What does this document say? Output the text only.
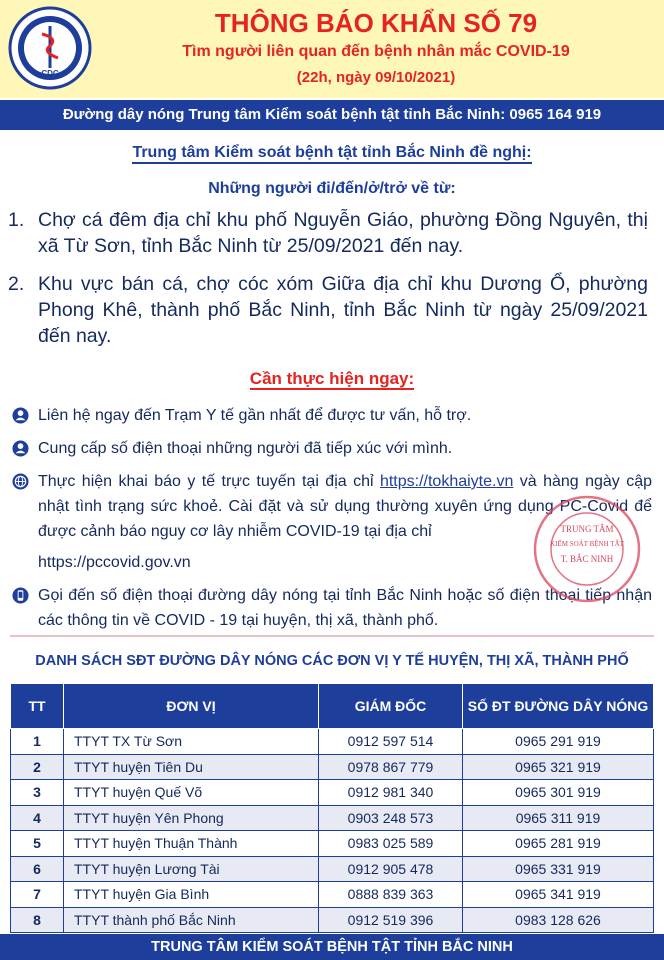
CDC
THÔNG BÁO KHẨN SỐ 79
Tìm người liên quan đến bệnh nhân mắc COVID-19
(22h, ngày 09/10/2021)
Đường dây nóng Trung tâm Kiểm soát bệnh tật tỉnh Bắc Ninh: 0965 164 919
Trung tâm Kiểm soát bệnh tật tỉnh Bắc Ninh đề nghị:
Những người đi/đến/ở/trở về từ:
1. Chợ cá đêm địa chỉ khu phố Nguyễn Giáo, phường Đồng Nguyên, thị xã Từ Sơn, tỉnh Bắc Ninh từ 25/09/2021 đến nay.
2. Khu vực bán cá, chợ cóc xóm Giữa địa chỉ khu Dương Ổ, phường Phong Khê, thành phố Bắc Ninh, tỉnh Bắc Ninh từ ngày 25/09/2021 đến nay.
Cần thực hiện ngay:
Liên hệ ngay đến Trạm Y tế gần nhất để được tư vấn, hỗ trợ.
Cung cấp số điện thoại những người đã tiếp xúc với mình.
Thực hiện khai báo y tế trực tuyến tại địa chỉ https://tokhaiyte.vn và hàng ngày cập nhật tình trạng sức khoẻ. Cài đặt và sử dụng thường xuyên ứng dụng PC-Covid để được cảnh báo nguy cơ lây nhiễm COVID-19 tại địa chỉ
https://pccovid.gov.vn
Gọi đến số điện thoại đường dây nóng tại tỉnh Bắc Ninh hoặc số điện thoại tiếp nhận các thông tin về COVID - 19 tại huyện, thị xã, thành phố.
TRUNG TÂM
KIỂM SOÁT BỆNH TẬT
T. BẮC NINH
DANH SÁCH SĐT ĐƯỜNG DÂY NÓNG CÁC ĐƠN VỊ Y TẾ HUYỆN, THỊ XÃ, THÀNH PHỐ
TT	ĐƠN VỊ	GIÁM ĐỐC	SỐ ĐT ĐƯỜNG DÂY NÓNG
1	TTYT TX Từ Sơn	0912 597 514	0965 291 919
2	TTYT huyện Tiên Du	0978 867 779	0965 321 919
3	TTYT huyện Quế Võ	0912 981 340	0965 301 919
4	TTYT huyện Yên Phong	0903 248 573	0965 311 919
5	TTYT huyện Thuận Thành	0983 025 589	0965 281 919
6	TTYT huyện Lương Tài	0912 905 478	0965 331 919
7	TTYT huyện Gia Bình	0888 839 363	0965 341 919
8	TTYT thành phố Bắc Ninh	0912 519 396	0983 128 626
TRUNG TÂM KIỂM SOÁT BỆNH TẬT TỈNH BẮC NINH
